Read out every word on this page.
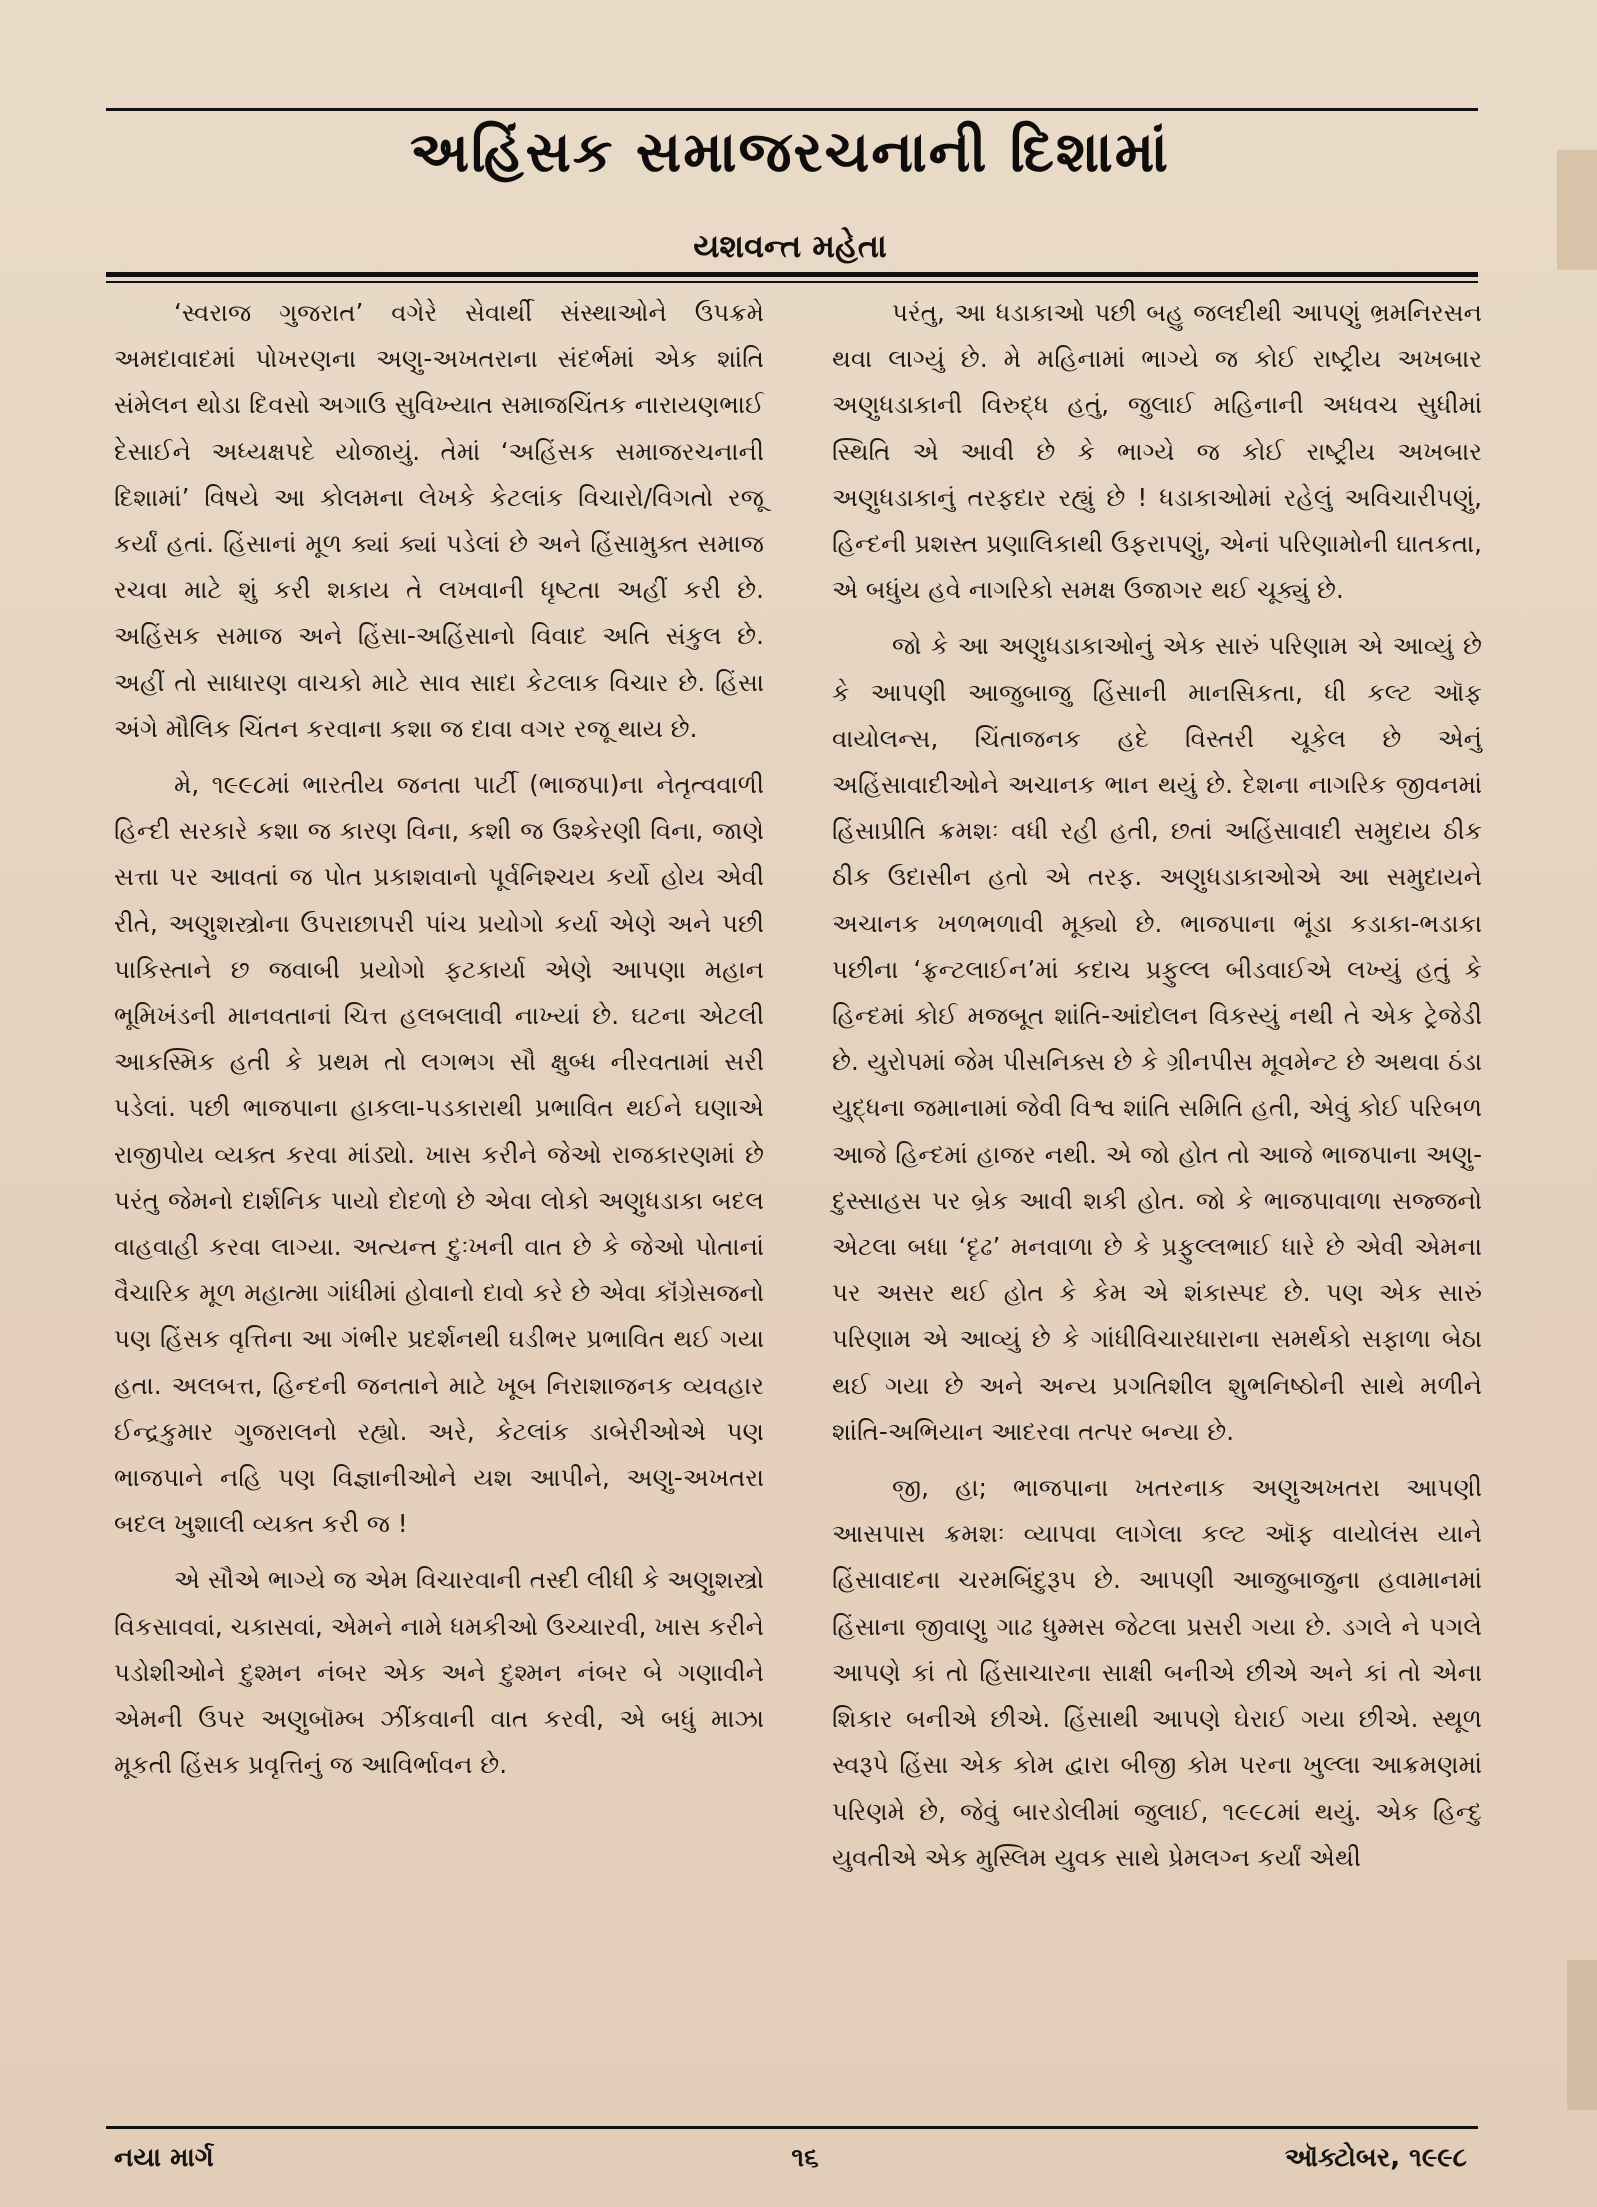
અહિંસક સમાજરચનાની દિશામાં
યશવન્ત મહેતા

‘સ્વરાજ ગુજરાત’ વગેરે સેવાર્થી સંસ્થાઓને ઉપક્રમે અમદાવાદમાં પોખરણના અણુ-અખતરાના સંદર્ભમાં એક શાંતિ સંમેલન થોડા દિવસો અગાઉ સુવિખ્યાત સમાજચિંતક નારાયણભાઈ દેસાઈને અધ્યક્ષપદે યોજાયું. તેમાં ‘અહિંસક સમાજરચનાની દિશામાં’ વિષયે આ કોલમના લેખકે કેટલાંક વિચારો/વિગતો રજૂ કર્યાં હતાં. હિંસાનાં મૂળ ક્યાં ક્યાં પડેલાં છે અને હિંસામુક્ત સમાજ રચવા માટે શું કરી શકાય તે લખવાની ધૃષ્ટતા અહીં કરી છે. અહિંસક સમાજ અને હિંસા-અહિંસાનો વિવાદ અતિ સંકુલ છે. અહીં તો સાધારણ વાચકો માટે સાવ સાદા કેટલાક વિચાર છે. હિંસા અંગે મૌલિક ચિંતન કરવાના કશા જ દાવા વગર રજૂ થાય છે.

મે, ૧૯૯૮માં ભારતીય જનતા પાર્ટી (ભાજપા)ના નેતૃત્વવાળી હિન્દી સરકારે કશા જ કારણ વિના, કશી જ ઉશ્કેરણી વિના, જાણે સત્તા પર આવતાં જ પોત પ્રકાશવાનો પૂર્વનિશ્ચય કર્યો હોય એવી રીતે, અણુશસ્ત્રોના ઉપરાછાપરી પાંચ પ્રયોગો કર્યા એણે અને પછી પાકિસ્તાને છ જવાબી પ્રયોગો ફટકાર્યા એણે આપણા મહાન ભૂમિખંડની માનવતાનાં ચિત્ત હલબલાવી નાખ્યાં છે. ઘટના એટલી આકસ્મિક હતી કે પ્રથમ તો લગભગ સૌ ક્ષુબ્ધ નીરવતામાં સરી પડેલાં. પછી ભાજપાના હાકલા-પડકારાથી પ્રભાવિત થઈને ઘણાએ રાજીપોય વ્યક્ત કરવા માંડ્યો. ખાસ કરીને જેઓ રાજકારણમાં છે પરંતુ જેમનો દાર્શનિક પાયો દોદળો છે એવા લોકો અણુધડાકા બદલ વાહવાહી કરવા લાગ્યા. અત્યન્ત દુઃખની વાત છે કે જેઓ પોતાનાં વૈચારિક મૂળ મહાત્મા ગાંધીમાં હોવાનો દાવો કરે છે એવા કૉંગ્રેસજનો પણ હિંસક વૃત્તિના આ ગંભીર પ્રદર્શનથી ઘડીભર પ્રભાવિત થઈ ગયા હતા. અલબત્ત, હિન્દની જનતાને માટે ખૂબ નિરાશાજનક વ્યવહાર ઈન્દ્રકુમાર ગુજરાલનો રહ્યો. અરે, કેટલાંક ડાબેરીઓએ પણ ભાજપાને નહિ પણ વિજ્ઞાનીઓને યશ આપીને, અણુ-અખતરા બદલ ખુશાલી વ્યક્ત કરી જ !

એ સૌએ ભાગ્યે જ એમ વિચારવાની તસ્દી લીધી કે અણુશસ્ત્રો વિકસાવવાં, ચકાસવાં, એમને નામે ધમકીઓ ઉચ્ચારવી, ખાસ કરીને પડોશીઓને દુશ્મન નંબર એક અને દુશ્મન નંબર બે ગણાવીને એમની ઉપર અણુબૉમ્બ ઝીંકવાની વાત કરવી, એ બધું માઝા મૂકતી હિંસક પ્રવૃત્તિનું જ આવિર્ભાવન છે.

પરંતુ, આ ધડાકાઓ પછી બહુ જલદીથી આપણું ભ્રમનિરસન થવા લાગ્યું છે. મે મહિનામાં ભાગ્યે જ કોઈ રાષ્ટ્રીય અખબાર અણુધડાકાની વિરુદ્ધ હતું, જુલાઈ મહિનાની અધવચ સુધીમાં સ્થિતિ એ આવી છે કે ભાગ્યે જ કોઈ રાષ્ટ્રીય અખબાર અણુધડાકાનું તરફદાર રહ્યું છે ! ધડાકાઓમાં રહેલું અવિચારીપણું, હિન્દની પ્રશસ્ત પ્રણાલિકાથી ઉફરાપણું, એનાં પરિણામોની ઘાતકતા, એ બધુંય હવે નાગરિકો સમક્ષ ઉજાગર થઈ ચૂક્યું છે.

જો કે આ અણુધડાકાઓનું એક સારું પરિણામ એ આવ્યું છે કે આપણી આજુબાજુ હિંસાની માનસિકતા, ધી કલ્ટ ઑફ વાયોલન્સ, ચિંતાજનક હદે વિસ્તરી ચૂકેલ છે એનું અહિંસાવાદીઓને અચાનક ભાન થયું છે. દેશના નાગરિક જીવનમાં હિંસાપ્રીતિ ક્રમશઃ વધી રહી હતી, છતાં અહિંસાવાદી સમુદાય ઠીક ઠીક ઉદાસીન હતો એ તરફ. અણુધડાકાઓએ આ સમુદાયને અચાનક ખળભળાવી મૂક્યો છે. ભાજપાના ભૂંડા કડાકા-ભડાકા પછીના ‘ફ્રન્ટલાઈન’માં કદાચ પ્રફુલ્લ બીડવાઈએ લખ્યું હતું કે હિન્દમાં કોઈ મજબૂત શાંતિ-આંદોલન વિકસ્યું નથી તે એક ટ્રેજેડી છે. યુરોપમાં જેમ પીસનિક્સ છે કે ગ્રીનપીસ મૂવમેન્ટ છે અથવા ઠંડા યુદ્ધના જમાનામાં જેવી વિશ્વ શાંતિ સમિતિ હતી, એવું કોઈ પરિબળ આજે હિન્દમાં હાજર નથી. એ જો હોત તો આજે ભાજપાના અણુ-દુસ્સાહસ પર બ્રેક આવી શકી હોત. જો કે ભાજપાવાળા સજ્જનો એટલા બધા ‘દૃઢ’ મનવાળા છે કે પ્રફુલ્લભાઈ ધારે છે એવી એમના પર અસર થઈ હોત કે કેમ એ શંકાસ્પદ છે. પણ એક સારું પરિણામ એ આવ્યું છે કે ગાંધીવિચારધારાના સમર્થકો સફાળા બેઠા થઈ ગયા છે અને અન્ય પ્રગતિશીલ શુભનિષ્ઠોની સાથે મળીને શાંતિ-અભિયાન આદરવા તત્પર બન્યા છે.

જી, હા; ભાજપાના ખતરનાક અણુઅખતરા આપણી આસપાસ ક્રમશઃ વ્યાપવા લાગેલા કલ્ટ ઑફ વાયોલંસ યાને હિંસાવાદના ચરમબિંદુરૂપ છે. આપણી આજુબાજુના હવામાનમાં હિંસાના જીવાણુ ગાઢ ધુમ્મસ જેટલા પ્રસરી ગયા છે. ડગલે ને પગલે આપણે કાં તો હિંસાચારના સાક્ષી બનીએ છીએ અને કાં તો એના શિકાર બનીએ છીએ. હિંસાથી આપણે ઘેરાઈ ગયા છીએ. સ્થૂળ સ્વરૂપે હિંસા એક કોમ દ્વારા બીજી કોમ પરના ખુલ્લા આક્રમણમાં પરિણમે છે, જેવું બારડોલીમાં જુલાઈ, ૧૯૯૮માં થયું. એક હિન્દુ યુવતીએ એક મુસ્લિમ યુવક સાથે પ્રેમલગ્ન કર્યાં એથી

નયા માર્ગ	૧૬	ઑક્ટોબર, ૧૯૯૮
